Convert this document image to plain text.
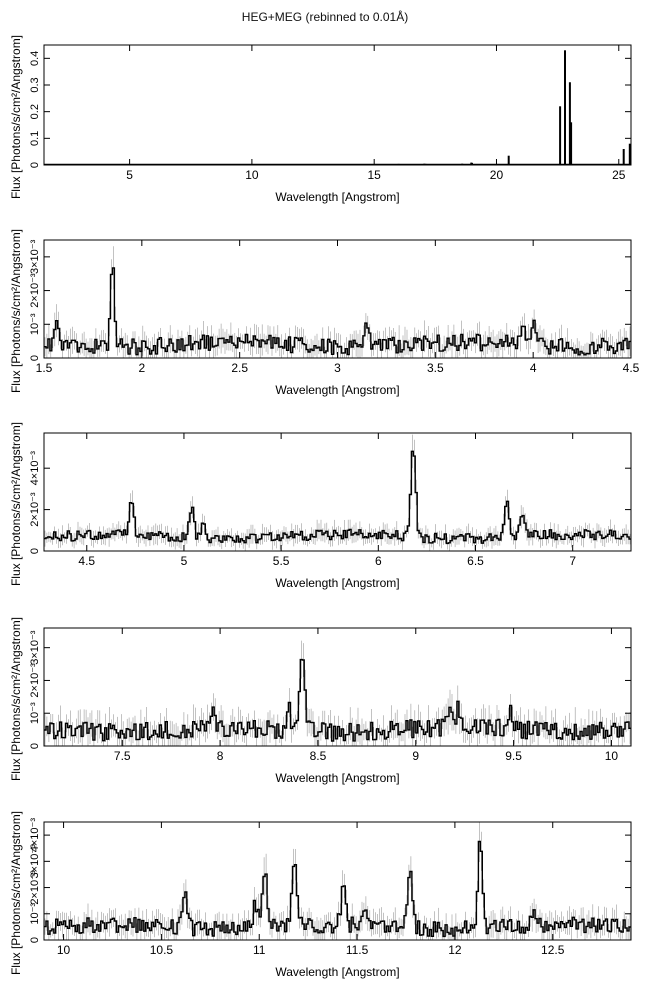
HEG+MEG (rebinned to 0.01Å)
5	10	15	20	25
0
0.1
0.2
0.3
0.4
Wavelength [Angstrom]
Flux [Photons/s/cm²/Angstrom]
1.5	2	2.5	3	3.5	4	4.5
0
10⁻³
2×10⁻³
3×10⁻³
Wavelength [Angstrom]
Flux [Photons/s/cm²/Angstrom]
4.5	5	5.5	6	6.5	7
0
2×10⁻³
4×10⁻³
Wavelength [Angstrom]
Flux [Photons/s/cm²/Angstrom]
7.5	8	8.5	9	9.5	10
0
10⁻³
2×10⁻³
3×10⁻³
Wavelength [Angstrom]
Flux [Photons/s/cm²/Angstrom]
10	10.5	11	11.5	12	12.5
0
10⁻³
2×10⁻³
3×10⁻³
4×10⁻³
Wavelength [Angstrom]
Flux [Photons/s/cm²/Angstrom]
